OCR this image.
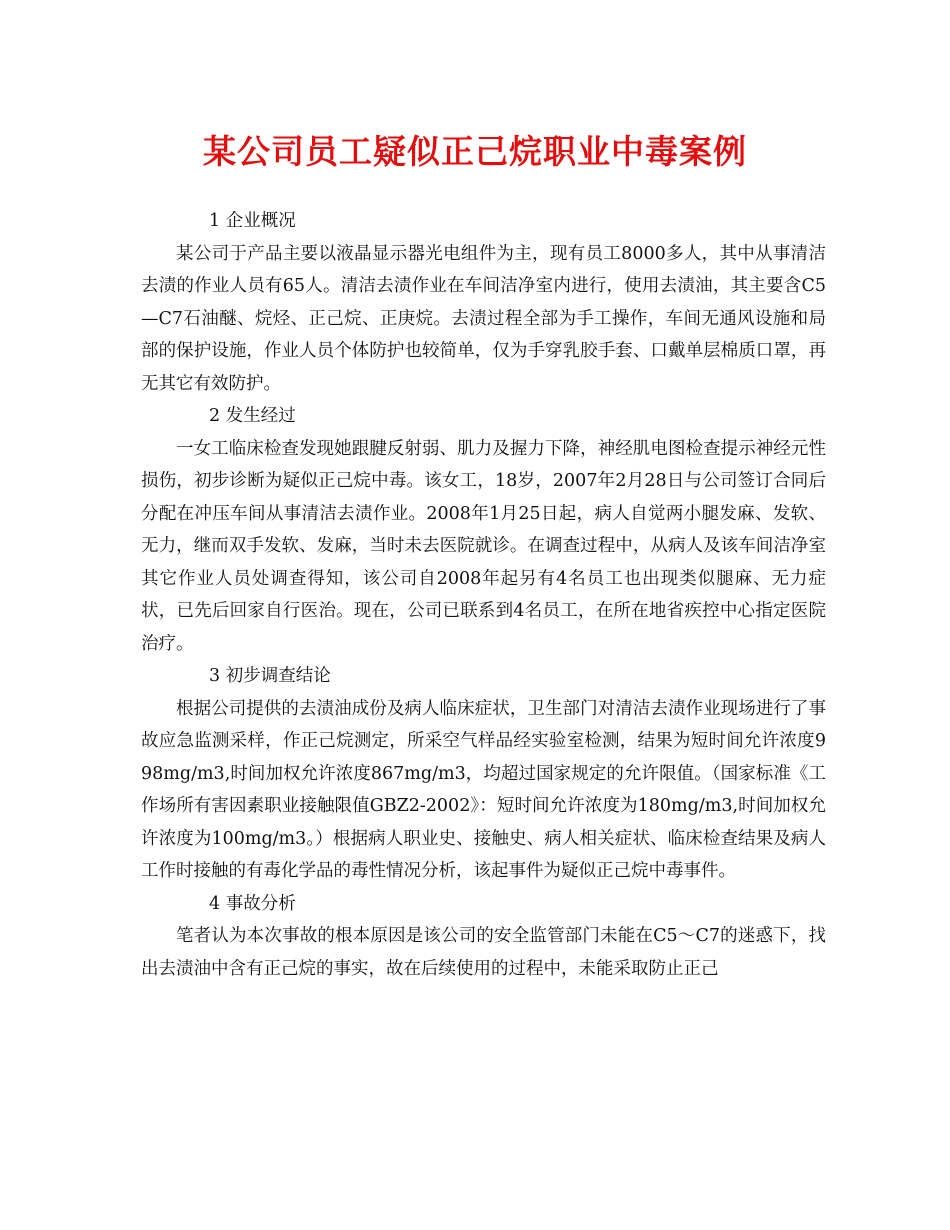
某公司员工疑似正己烷职业中毒案例

1 企业概况

某公司于产品主要以液晶显示器光电组件为主，现有员工8000多人，其中从事清洁去渍的作业人员有65人。清洁去渍作业在车间洁净室内进行，使用去渍油，其主要含C5—C7石油醚、烷烃、正己烷、正庚烷。去渍过程全部为手工操作，车间无通风设施和局部的保护设施，作业人员个体防护也较简单，仅为手穿乳胶手套、口戴单层棉质口罩，再无其它有效防护。

2 发生经过

一女工临床检查发现她跟腱反射弱、肌力及握力下降，神经肌电图检查提示神经元性损伤，初步诊断为疑似正己烷中毒。该女工，18岁，2007年2月28日与公司签订合同后分配在冲压车间从事清洁去渍作业。2008年1月25日起，病人自觉两小腿发麻、发软、无力，继而双手发软、发麻，当时未去医院就诊。在调查过程中，从病人及该车间洁净室其它作业人员处调查得知，该公司自2008年起另有4名员工也出现类似腿麻、无力症状，已先后回家自行医治。现在，公司已联系到4名员工，在所在地省疾控中心指定医院治疗。

3 初步调查结论

根据公司提供的去渍油成份及病人临床症状，卫生部门对清洁去渍作业现场进行了事故应急监测采样，作正己烷测定，所采空气样品经实验室检测，结果为短时间允许浓度998mg/m3,时间加权允许浓度867mg/m3，均超过国家规定的允许限值。（国家标准《工作场所有害因素职业接触限值GBZ2-2002》：短时间允许浓度为180mg/m3,时间加权允许浓度为100mg/m3。）根据病人职业史、接触史、病人相关症状、临床检查结果及病人工作时接触的有毒化学品的毒性情况分析，该起事件为疑似正己烷中毒事件。

4 事故分析

笔者认为本次事故的根本原因是该公司的安全监管部门未能在C5～C7的迷惑下，找出去渍油中含有正己烷的事实，故在后续使用的过程中，未能采取防止正己
